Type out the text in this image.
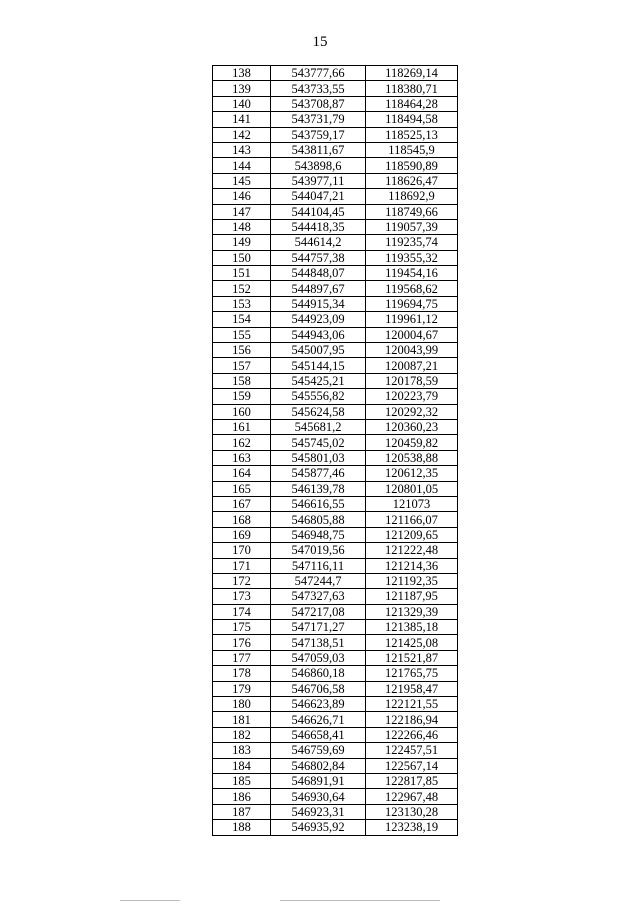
15
138	543777,66	118269,14
139	543733,55	118380,71
140	543708,87	118464,28
141	543731,79	118494,58
142	543759,17	118525,13
143	543811,67	118545,9
144	543898,6	118590,89
145	543977,11	118626,47
146	544047,21	118692,9
147	544104,45	118749,66
148	544418,35	119057,39
149	544614,2	119235,74
150	544757,38	119355,32
151	544848,07	119454,16
152	544897,67	119568,62
153	544915,34	119694,75
154	544923,09	119961,12
155	544943,06	120004,67
156	545007,95	120043,99
157	545144,15	120087,21
158	545425,21	120178,59
159	545556,82	120223,79
160	545624,58	120292,32
161	545681,2	120360,23
162	545745,02	120459,82
163	545801,03	120538,88
164	545877,46	120612,35
165	546139,78	120801,05
167	546616,55	121073
168	546805,88	121166,07
169	546948,75	121209,65
170	547019,56	121222,48
171	547116,11	121214,36
172	547244,7	121192,35
173	547327,63	121187,95
174	547217,08	121329,39
175	547171,27	121385,18
176	547138,51	121425,08
177	547059,03	121521,87
178	546860,18	121765,75
179	546706,58	121958,47
180	546623,89	122121,55
181	546626,71	122186,94
182	546658,41	122266,46
183	546759,69	122457,51
184	546802,84	122567,14
185	546891,91	122817,85
186	546930,64	122967,48
187	546923,31	123130,28
188	546935,92	123238,19
